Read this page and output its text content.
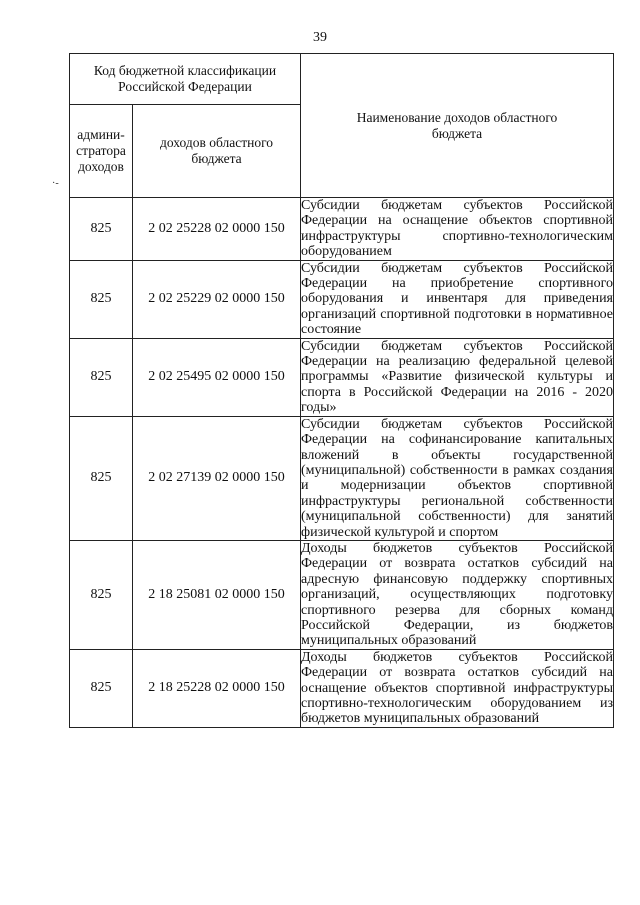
39
·-
Код бюджетной классификации Российской Федерации		Наименование доходов областного бюджета

админи-стратора доходов	доходов областного бюджета	

825	2 02 25228 02 0000 150	Субсидии бюджетам субъектов Российской Федерации на оснащение объектов спортивной инфраструктуры спортивно-технологическим оборудованием
825	2 02 25229 02 0000 150	Субсидии бюджетам субъектов Российской Федерации на приобретение спортивного оборудования и инвентаря для приведения организаций спортивной подготовки в нормативное состояние
825	2 02 25495 02 0000 150	Субсидии бюджетам субъектов Российской Федерации на реализацию федеральной целевой программы «Развитие физической культуры и спорта в Российской Федерации на 2016 - 2020 годы»
825	2 02 27139 02 0000 150	Субсидии бюджетам субъектов Российской Федерации на софинансирование капитальных вложений в объекты государственной (муниципальной) собственности в рамках создания и модернизации объектов спортивной инфраструктуры региональной собственности (муниципальной собственности) для занятий физической культурой и спортом
825	2 18 25081 02 0000 150	Доходы бюджетов субъектов Российской Федерации от возврата остатков субсидий на адресную финансовую поддержку спортивных организаций, осуществляющих подготовку спортивного резерва для сборных команд Российской Федерации, из бюджетов муниципальных образований
825	2 18 25228 02 0000 150	Доходы бюджетов субъектов Российской Федерации от возврата остатков субсидий на оснащение объектов спортивной инфраструктуры спортивно-технологическим оборудованием из бюджетов муниципальных образований
